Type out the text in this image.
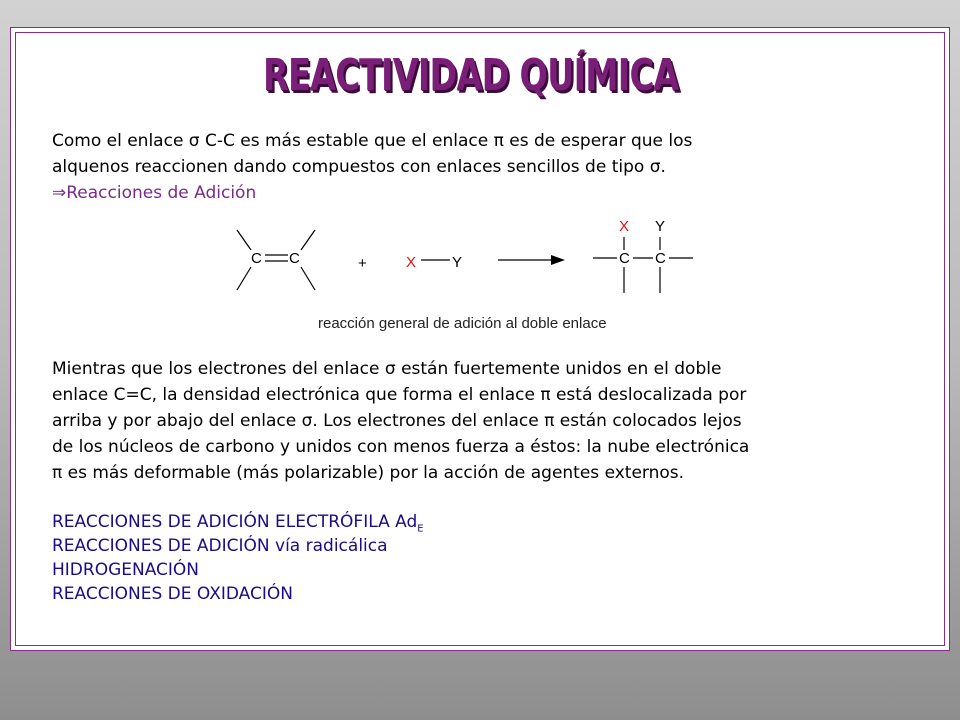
REACTIVIDAD QUÍMICA
Como el enlace σ C-C es más estable que el enlace π es de esperar que los
alquenos reaccionen dando compuestos con enlaces sencillos de tipo σ.
⇒Reacciones de Adición
C C	+	X Y
X Y
C C
reacción general de adición al doble enlace
Mientras que los electrones del enlace σ están fuertemente unidos en el doble
enlace C=C, la densidad electrónica que forma el enlace π está deslocalizada por
arriba y por abajo del enlace σ. Los electrones del enlace π están colocados lejos
de los núcleos de carbono y unidos con menos fuerza a éstos: la nube electrónica
π es más deformable (más polarizable) por la acción de agentes externos.
REACCIONES DE ADICIÓN ELECTRÓFILA $Ad_E$
REACCIONES DE ADICIÓN vía radicálica
HIDROGENACIÓN
REACCIONES DE OXIDACIÓN
